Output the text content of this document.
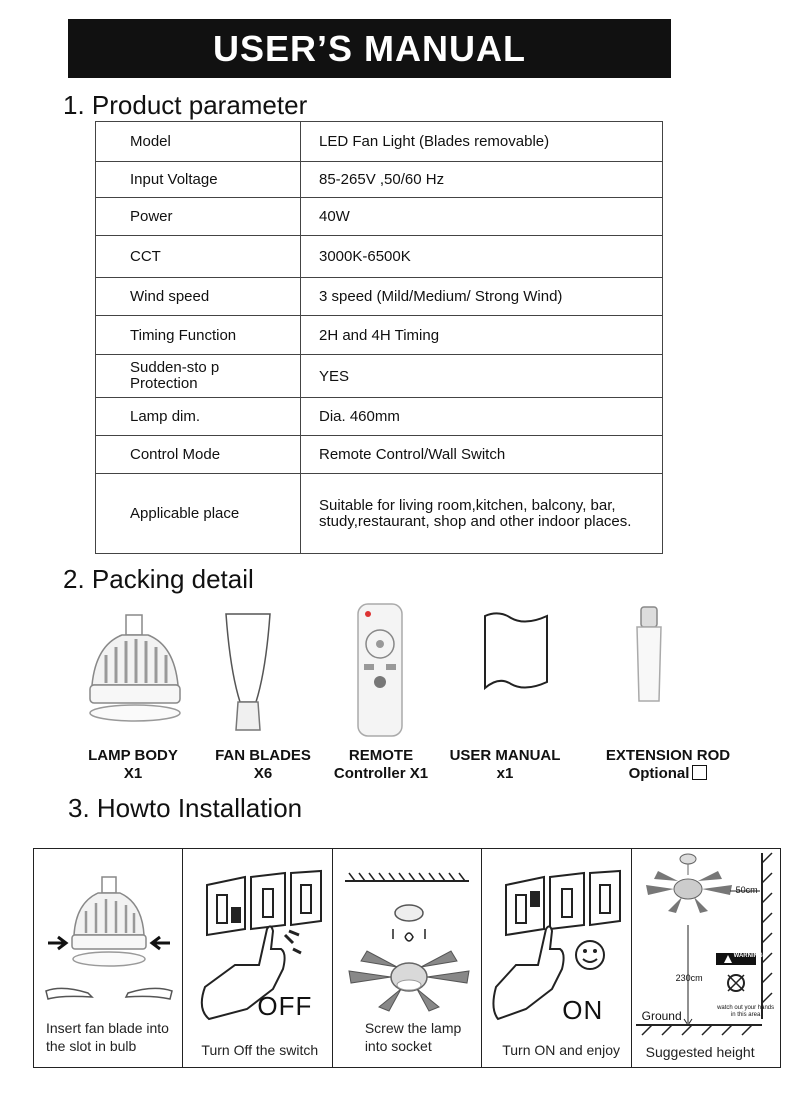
USER’S MANUAL
1. Product parameter
Model	LED Fan Light (Blades removable)
Input Voltage	85-265V ,50/60 Hz
Power	40W
CCT	3000K-6500K
Wind speed	3 speed (Mild/Medium/ Strong Wind)
Timing Function	2H and 4H Timing
Sudden-sto p
Protection	YES
Lamp dim.	Dia. 460mm
Control Mode	Remote Control/Wall Switch
Applicable place	Suitable for living room,kitchen, balcony, bar, study,restaurant, shop and other indoor places.
2. Packing detail
LAMP BODY
X1
FAN BLADES
X6
REMOTE
Controller X1
USER MANUAL
x1
EXTENSION ROD
Optional
3. Howto Installation
Insert fan blade into
the slot in bulb
OFF
Turn Off the switch
Screw the lamp
into socket
ON
Turn ON and enjoy
50cm
230cm
WARNING
watch out your hands
in this area
Ground
Suggested height
